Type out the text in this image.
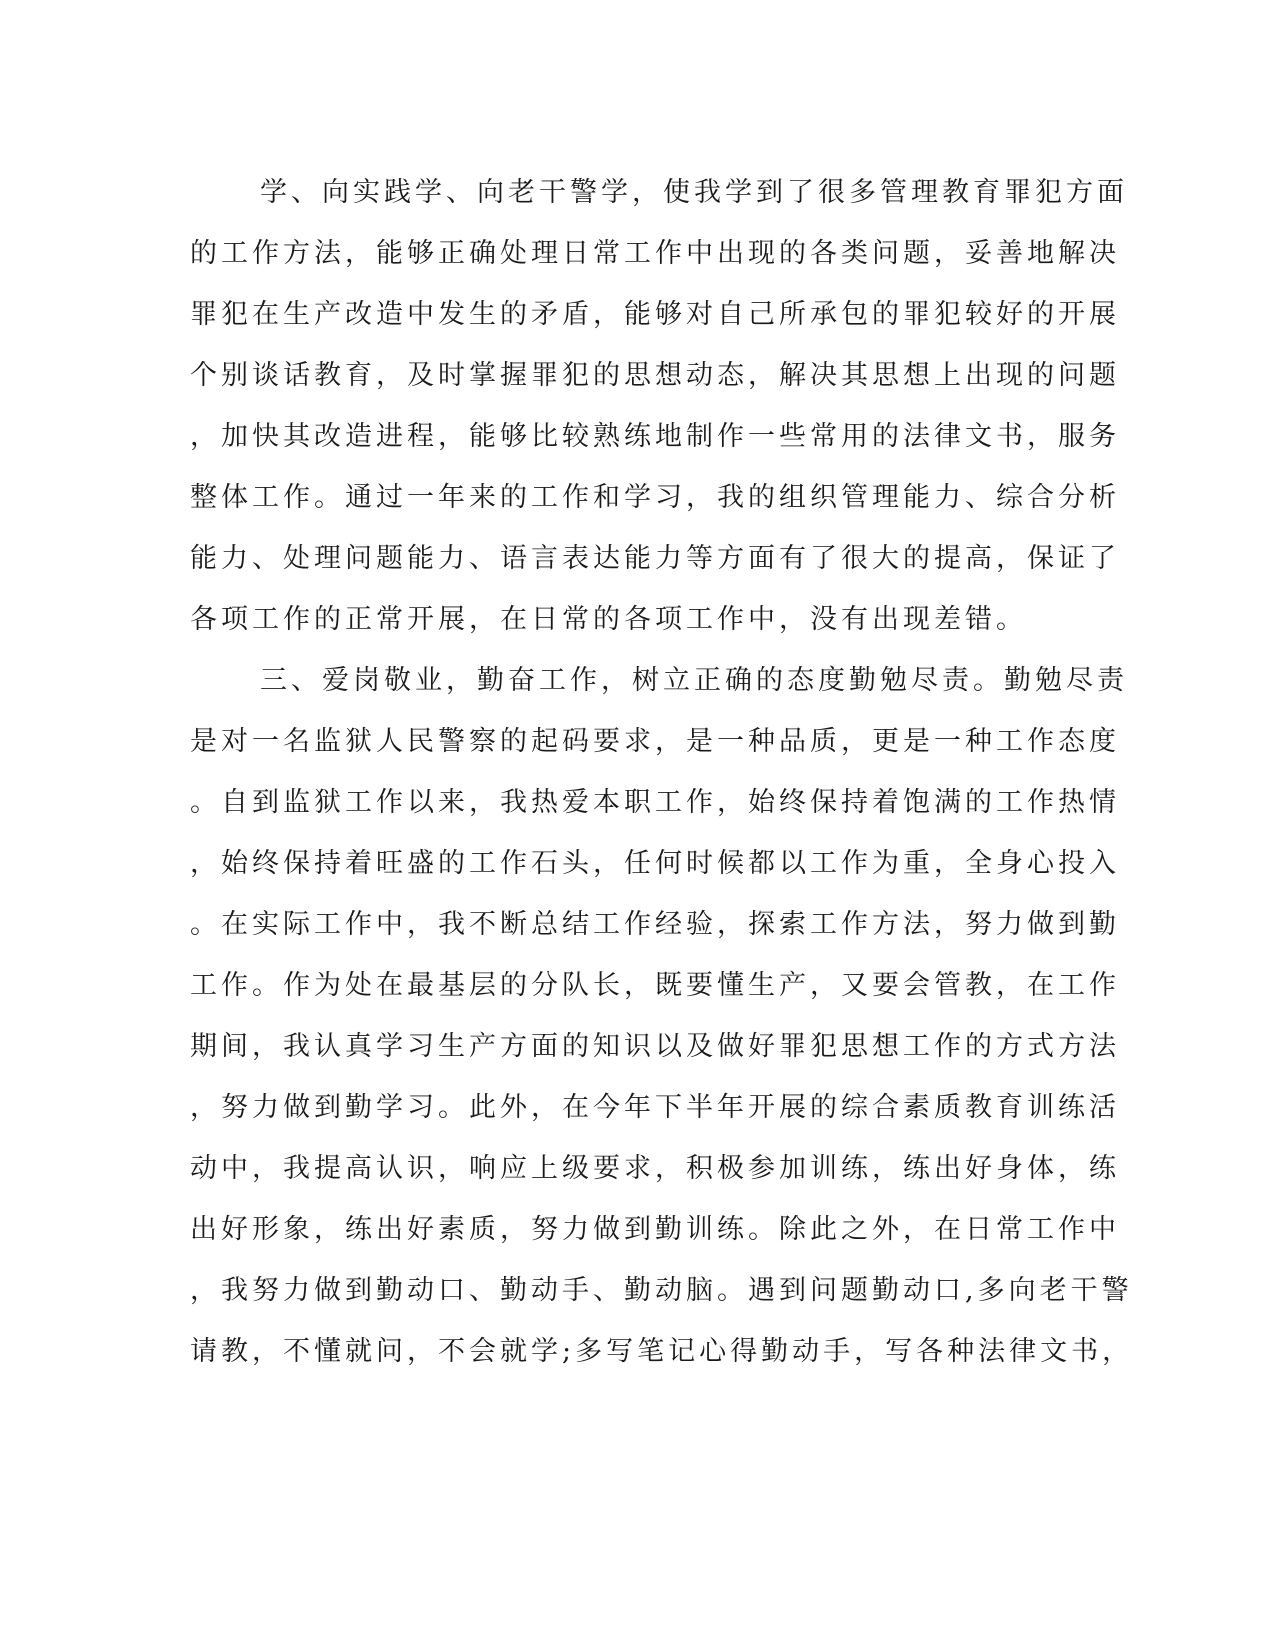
学、向实践学、向老干警学，使我学到了很多管理教育罪犯方面
的工作方法，能够正确处理日常工作中出现的各类问题，妥善地解决
罪犯在生产改造中发生的矛盾，能够对自己所承包的罪犯较好的开展
个别谈话教育，及时掌握罪犯的思想动态，解决其思想上出现的问题
，加快其改造进程，能够比较熟练地制作一些常用的法律文书，服务
整体工作。通过一年来的工作和学习，我的组织管理能力、综合分析
能力、处理问题能力、语言表达能力等方面有了很大的提高，保证了
各项工作的正常开展，在日常的各项工作中，没有出现差错。
三、爱岗敬业，勤奋工作，树立正确的态度勤勉尽责。勤勉尽责
是对一名监狱人民警察的起码要求，是一种品质，更是一种工作态度
。自到监狱工作以来，我热爱本职工作，始终保持着饱满的工作热情
，始终保持着旺盛的工作石头，任何时候都以工作为重，全身心投入
。在实际工作中，我不断总结工作经验，探索工作方法，努力做到勤
工作。作为处在最基层的分队长，既要懂生产，又要会管教，在工作
期间，我认真学习生产方面的知识以及做好罪犯思想工作的方式方法
，努力做到勤学习。此外，在今年下半年开展的综合素质教育训练活
动中，我提高认识，响应上级要求，积极参加训练，练出好身体，练
出好形象，练出好素质，努力做到勤训练。除此之外，在日常工作中
，我努力做到勤动口、勤动手、勤动脑。遇到问题勤动口,多向老干警
请教，不懂就问，不会就学;多写笔记心得勤动手，写各种法律文书，
